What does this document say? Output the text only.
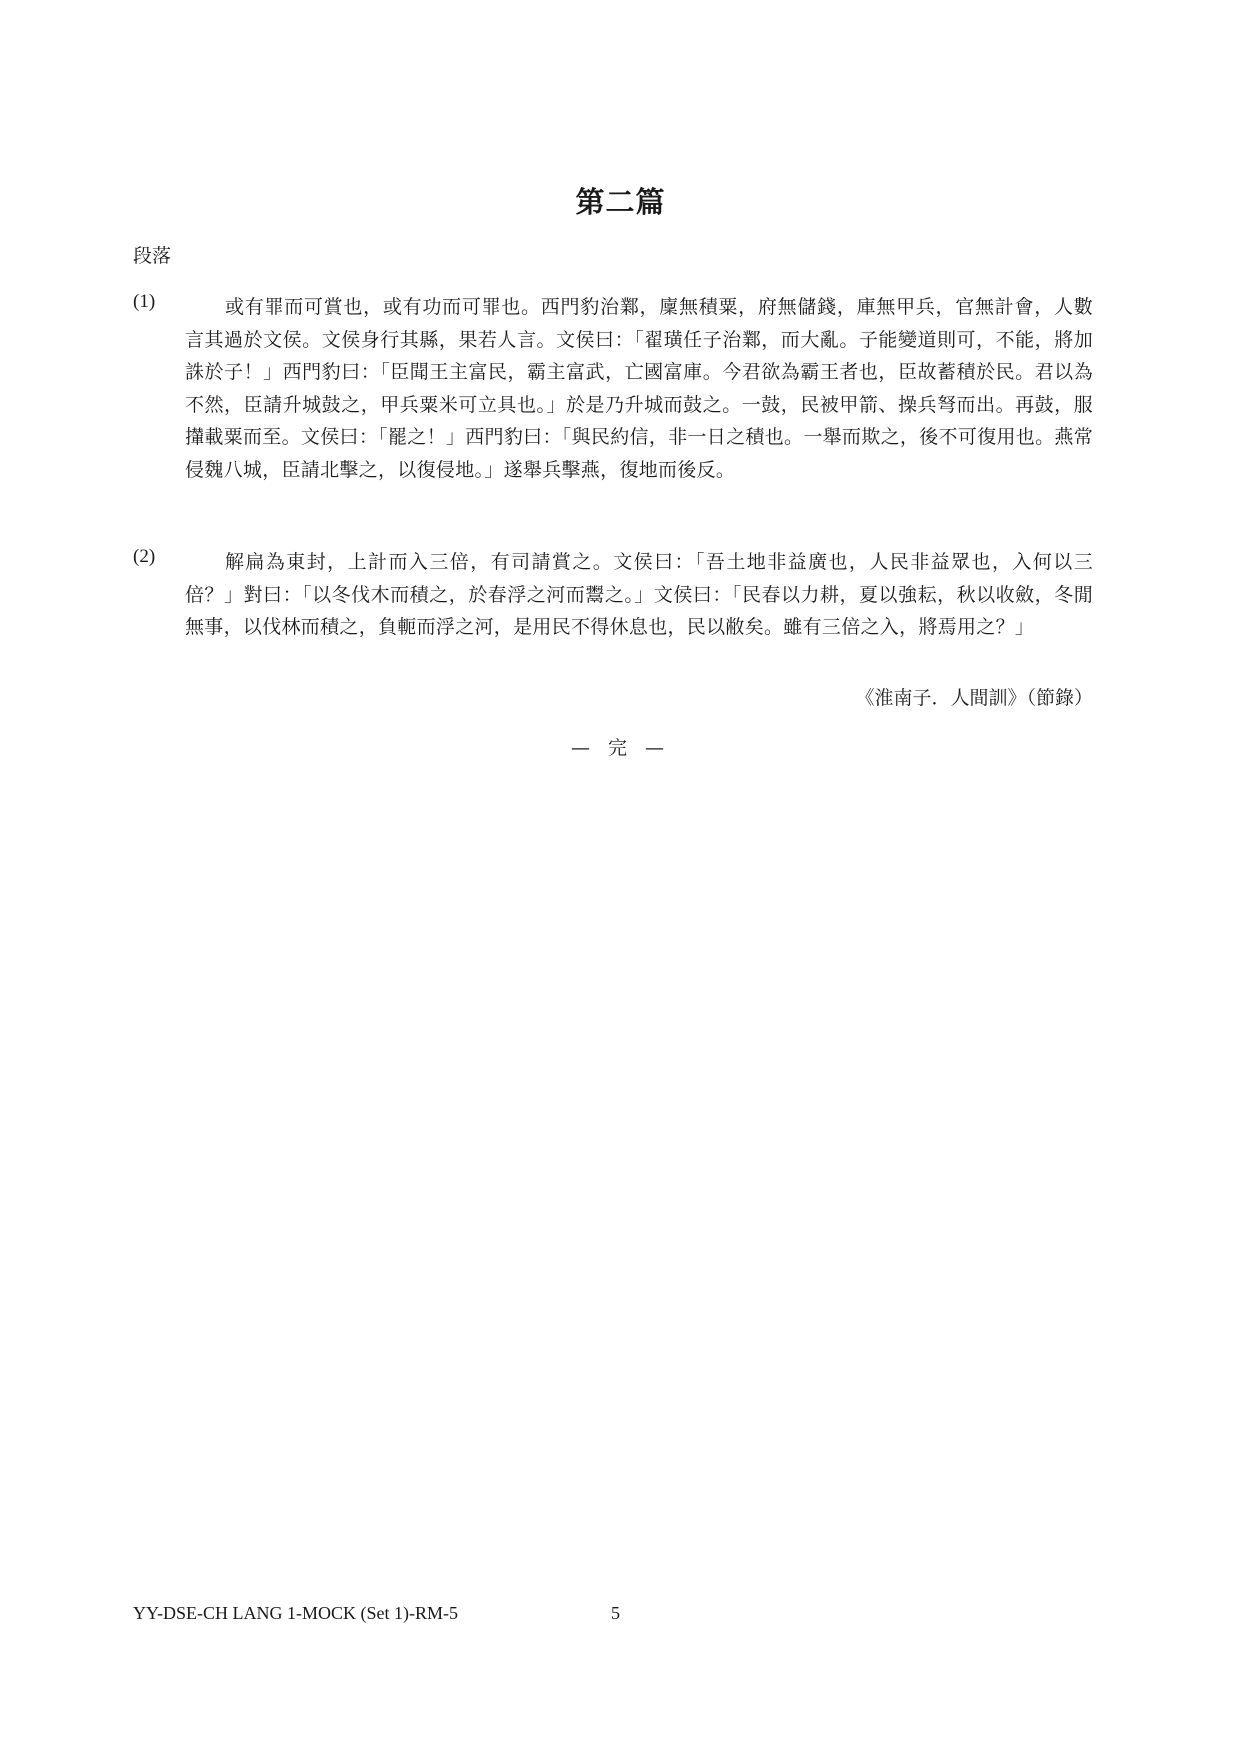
第二篇
段落
(1)	或有罪而可賞也，或有功而可罪也。西門豹治鄴，廩無積粟，府無儲錢，庫無甲兵，官無計會，人數言其過於文侯。文侯身行其縣，果若人言。文侯曰：「翟璜任子治鄴，而大亂。子能變道則可，不能，將加誅於子！」西門豹曰：「臣聞王主富民，霸主富武，亡國富庫。今君欲為霸王者也，臣故蓄積於民。君以為不然，臣請升城鼓之，甲兵粟米可立具也。」於是乃升城而鼓之。一鼓，民被甲箭、操兵弩而出。再鼓，服攆載粟而至。文侯曰：「罷之！」西門豹曰：「與民約信，非一日之積也。一舉而欺之，後不可復用也。燕常侵魏八城，臣請北擊之，以復侵地。」遂舉兵擊燕，復地而後反。
(2)	解扁為東封，上計而入三倍，有司請賞之。文侯曰：「吾土地非益廣也，人民非益眾也，入何以三倍？」對曰：「以冬伐木而積之，於春浮之河而鬻之。」文侯曰：「民春以力耕，夏以強耘，秋以收斂，冬閒無事，以伐林而積之，負軛而浮之河，是用民不得休息也，民以敝矣。雖有三倍之入，將焉用之？」
《淮南子．人間訓》（節錄）
— 完 —
YY-DSE-CH LANG 1-MOCK (Set 1)-RM-5	5
